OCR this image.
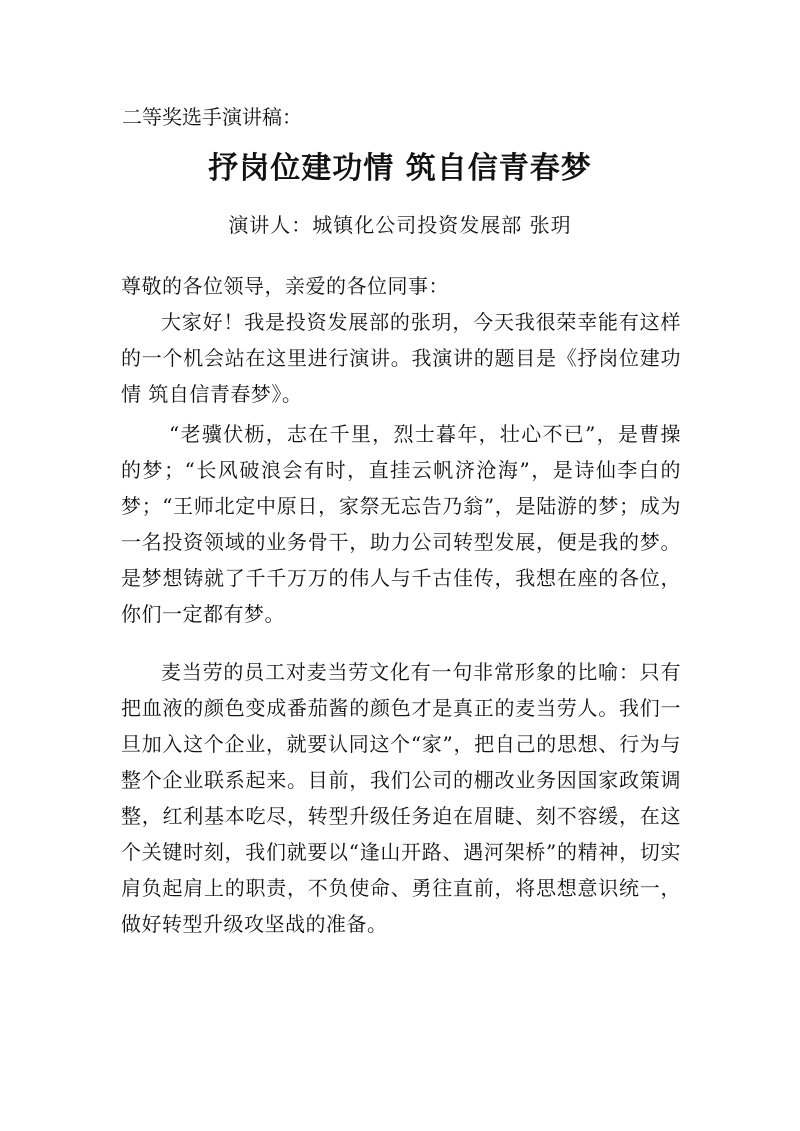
二等奖选手演讲稿：
抒岗位建功情 筑自信青春梦
演讲人：城镇化公司投资发展部 张玥

尊敬的各位领导，亲爱的各位同事：

大家好！我是投资发展部的张玥，今天我很荣幸能有这样的一个机会站在这里进行演讲。我演讲的题目是《抒岗位建功情 筑自信青春梦》。

“老骥伏枥，志在千里，烈士暮年，壮心不已”，是曹操的梦；“长风破浪会有时，直挂云帆济沧海”，是诗仙李白的梦；“王师北定中原日，家祭无忘告乃翁”，是陆游的梦；成为一名投资领域的业务骨干，助力公司转型发展，便是我的梦。是梦想铸就了千千万万的伟人与千古佳传，我想在座的各位，你们一定都有梦。

麦当劳的员工对麦当劳文化有一句非常形象的比喻：只有把血液的颜色变成番茄酱的颜色才是真正的麦当劳人。我们一旦加入这个企业，就要认同这个“家”，把自己的思想、行为与整个企业联系起来。目前，我们公司的棚改业务因国家政策调整，红利基本吃尽，转型升级任务迫在眉睫、刻不容缓，在这个关键时刻，我们就要以“逢山开路、遇河架桥”的精神，切实肩负起肩上的职责，不负使命、勇往直前，将思想意识统一，做好转型升级攻坚战的准备。
